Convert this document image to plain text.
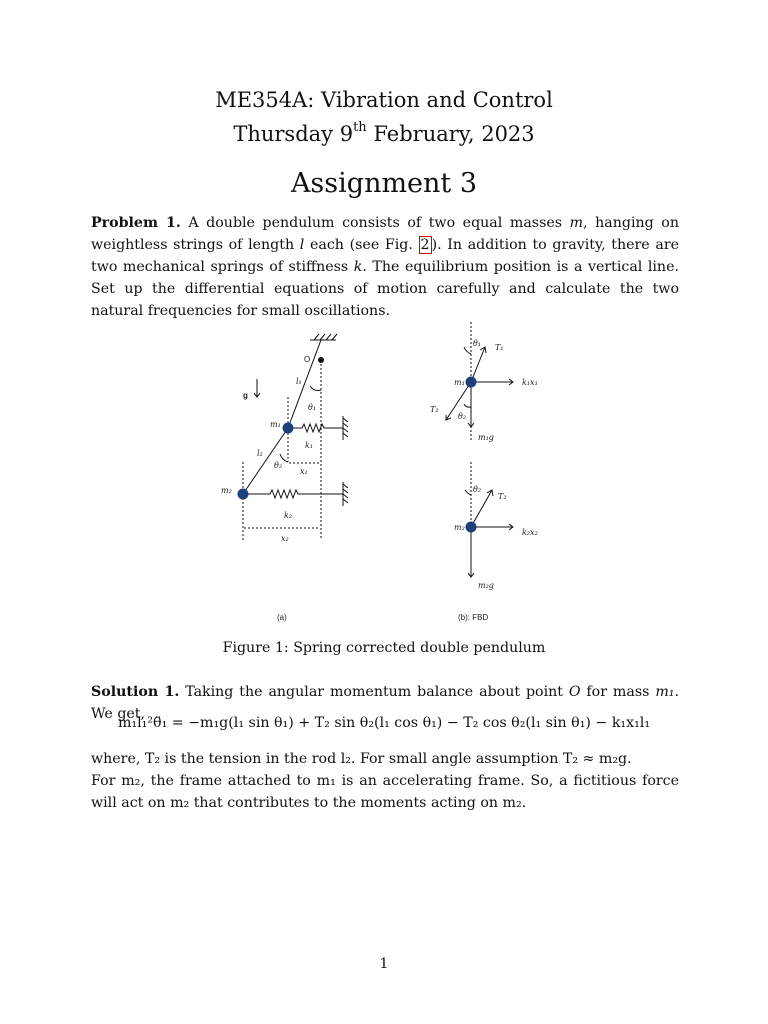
ME354A: Vibration and Control
Thursday 9th February, 2023
Assignment 3
Problem 1. A double pendulum consists of two equal masses m, hanging on weightless strings of length l each (see Fig. 2 ). In addition to gravity, there are two mechanical springs of stiffness k. The equilibrium position is a vertical line. Set up the differential equations of motion carefully and calculate the two natural frequencies for small oscillations.
O
g
l₁
θ₁
m₁
k₁
l₂
θ₂
x₁
m₂
k₂
x₂
(a)
θ₁ T₁
m₁	k₁x₁
T₂
θ₂
m₁g
θ₂
T₂
m₂
k₂x₂
m₂g
(b): FBD
Figure 1: Spring corrected double pendulum
Solution 1. Taking the angular momentum balance about point O for mass m₁. We get,
m₁l₁²θ̈₁ = −m₁g(l₁ sin θ₁) + T₂ sin θ₂(l₁ cos θ₁) − T₂ cos θ₂(l₁ sin θ₁) − k₁x₁l₁
where, T₂ is the tension in the rod l₂. For small angle assumption T₂ ≈ m₂g.
For m₂, the frame attached to m₁ is an accelerating frame. So, a fictitious force will act on m₂ that contributes to the moments acting on m₂.
1
